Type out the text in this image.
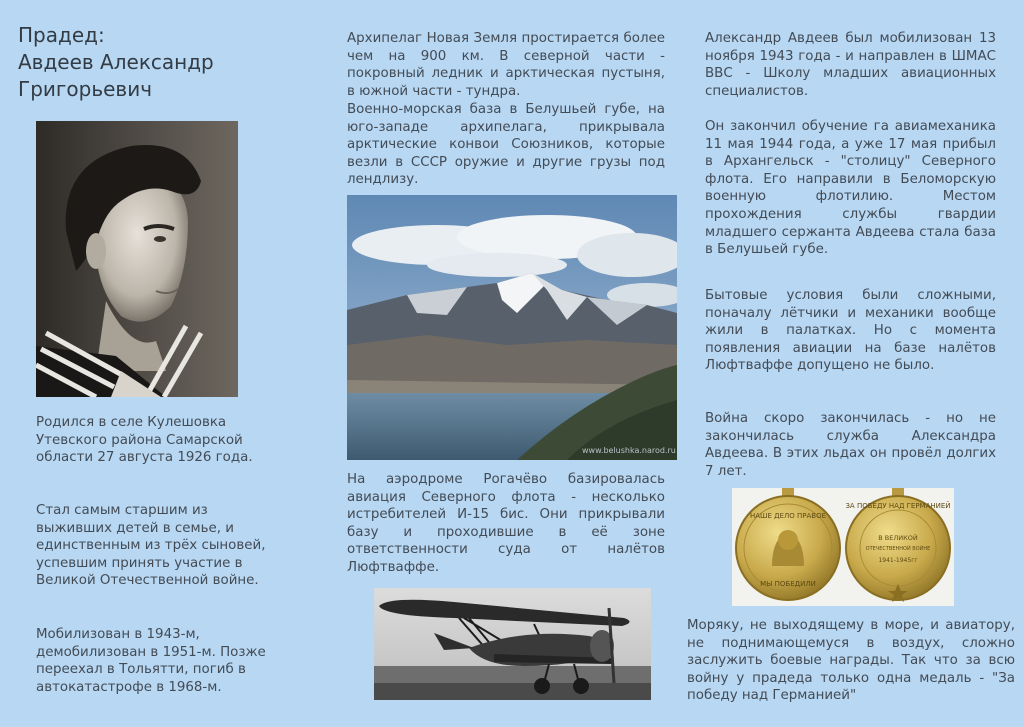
Прадед:
Авдеев Александр
Григорьевич
Родился в селе Кулешовка Утевского района Самарской области 27 августа 1926 года.
Стал самым старшим из выживших детей в семье, и единственным из трёх сыновей, успевшим принять участие в Великой Отечественной войне.
Мобилизован в 1943-м, демобилизован в 1951-м. Позже переехал в Тольятти, погиб в автокатастрофе в 1968-м.
Архипелаг Новая Земля простирается более чем на 900 км. В северной части - покровный ледник и арктическая пустыня, в южной части - тундра.
Военно-морская база в Белушьей губе, на юго-западе архипелага, прикрывала арктические конвои Союзников, которые везли в СССР оружие и другие грузы под лендлизу.
www.belushka.narod.ru
На аэродроме Рогачёво базировалась авиация Северного флота - несколько истребителей И-15 бис. Они прикрывали базу и проходившие в её зоне ответственности суда от налётов Люфтваффе.
Александр Авдеев был мобилизован 13 ноября 1943 года - и направлен в ШМАС ВВС - Школу младших авиационных специалистов.
Он закончил обучение га авиамеханика 11 мая 1944 года, а уже 17 мая прибыл в Архангельск - "столицу" Северного флота. Его направили в Беломорскую военную флотилию. Местом прохождения службы гвардии младшего сержанта Авдеева стала база в Белушьей губе.
Бытовые условия были сложными, поначалу лётчики и механики вообще жили в палатках. Но с момента появления авиации на базе налётов Люфтваффе допущено не было.
Война скоро закончилась - но не закончилась служба Александра Авдеева. В этих льдах он провёл долгих 7 лет.
НАШЕ ДЕЛО ПРАВОЕ
МЫ ПОБЕДИЛИ
ЗА ПОБЕДУ НАД ГЕРМАНИЕЙ
В ВЕЛИКОЙ
ОТЕЧЕСТВЕННОЙ ВОЙНЕ
1941-1945гг
Моряку, не выходящему в море, и авиатору, не поднимающемуся в воздух, сложно заслужить боевые награды. Так что за всю войну у прадеда только одна медаль - "За победу над Германией"
